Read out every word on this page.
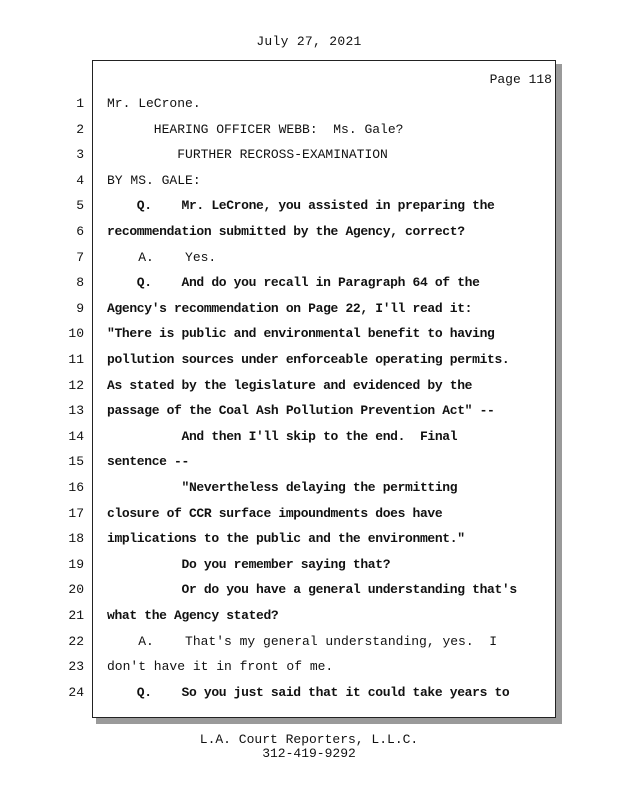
July 27, 2021
Page 118
1 Mr. LeCrone.
2 HEARING OFFICER WEBB:  Ms. Gale?
3 FURTHER RECROSS-EXAMINATION
4 BY MS. GALE:
5 Q.    Mr. LeCrone, you assisted in preparing the
6 recommendation submitted by the Agency, correct?
7 A.    Yes.
8 Q.    And do you recall in Paragraph 64 of the
9 Agency's recommendation on Page 22, I'll read it:
10 "There is public and environmental benefit to having
11 pollution sources under enforceable operating permits.
12 As stated by the legislature and evidenced by the
13 passage of the Coal Ash Pollution Prevention Act" --
14 And then I'll skip to the end.  Final
15 sentence --
16 "Nevertheless delaying the permitting
17 closure of CCR surface impoundments does have
18 implications to the public and the environment."
19 Do you remember saying that?
20 Or do you have a general understanding that's
21 what the Agency stated?
22 A.    That's my general understanding, yes.  I
23 don't have it in front of me.
24 Q.    So you just said that it could take years to
L.A. Court Reporters, L.L.C.
312-419-9292
